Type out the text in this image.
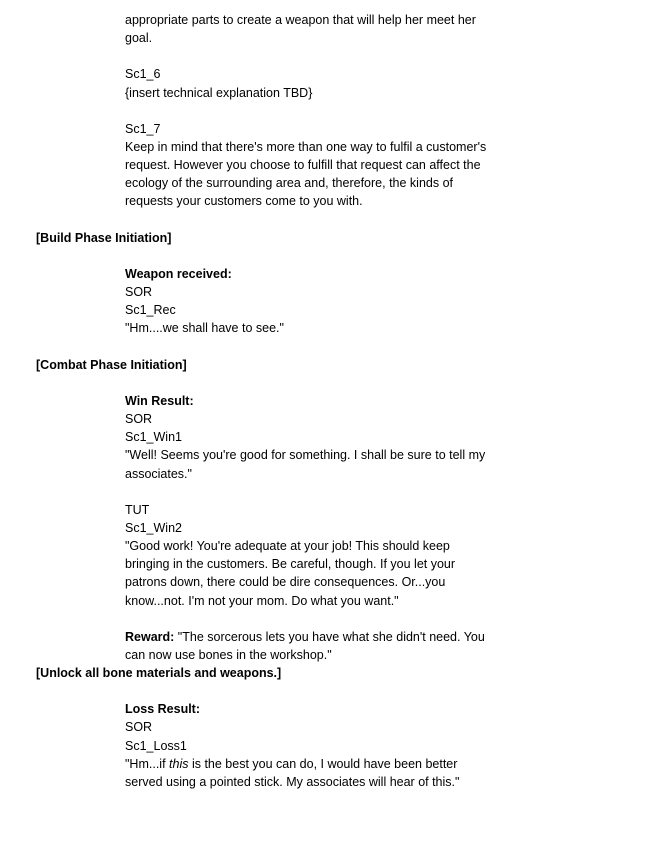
appropriate parts to create a weapon that will help her meet her
goal.
Sc1_6
{insert technical explanation TBD}
Sc1_7
Keep in mind that there's more than one way to fulfil a customer's
request. However you choose to fulfill that request can affect the
ecology of the surrounding area and, therefore, the kinds of
requests your customers come to you with.
[Build Phase Initiation]
Weapon received:
SOR
Sc1_Rec
"Hm....we shall have to see."
[Combat Phase Initiation]
Win Result:
SOR
Sc1_Win1
"Well! Seems you're good for something. I shall be sure to tell my
associates."
TUT
Sc1_Win2
"Good work! You're adequate at your job! This should keep
bringing in the customers. Be careful, though. If you let your
patrons down, there could be dire consequences. Or...you
know...not. I'm not your mom. Do what you want."
Reward: "The sorcerous lets you have what she didn't need. You
can now use bones in the workshop."
[Unlock all bone materials and weapons.]
Loss Result:
SOR
Sc1_Loss1
"Hm...if this is the best you can do, I would have been better
served using a pointed stick. My associates will hear of this."
